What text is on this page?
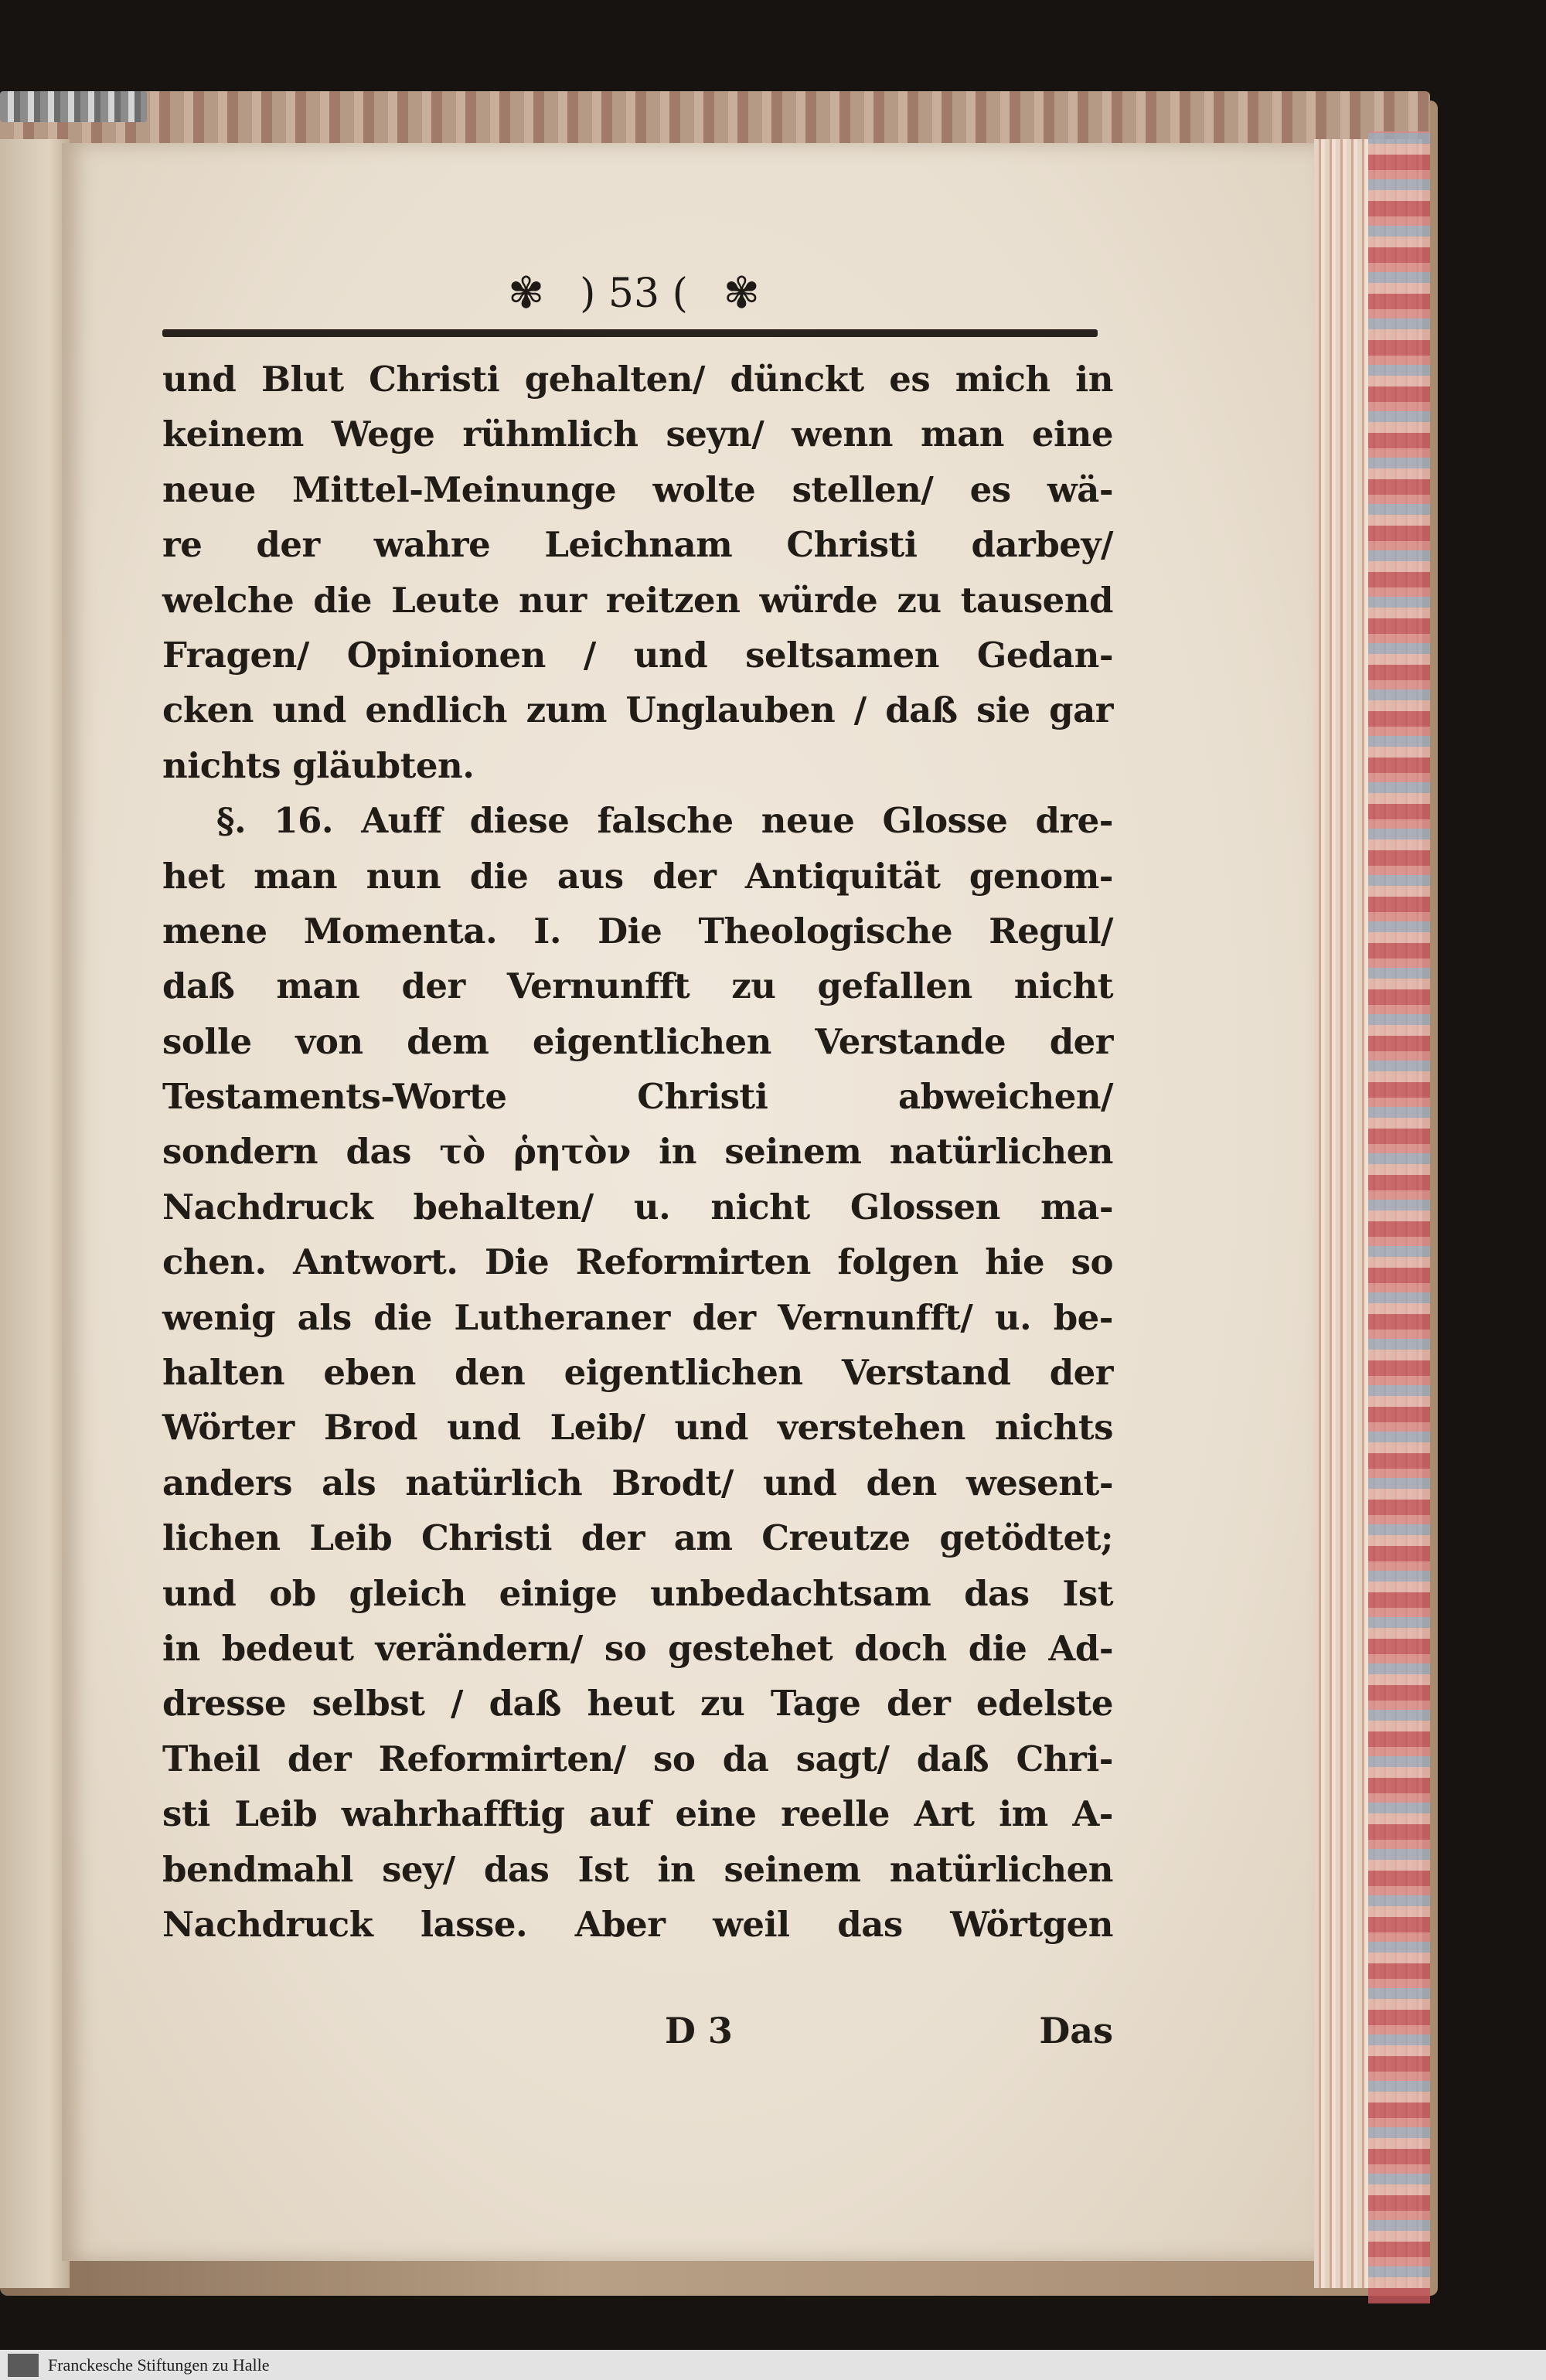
✾ ) 53 ( ✾
und Blut Christi gehalten/ dünckt es mich in
keinem Wege rühmlich seyn/ wenn man eine
neue Mittel-Meinunge wolte stellen/ es wä-
re der wahre Leichnam Christi darbey/
welche die Leute nur reitzen würde zu tausend
Fragen/ Opinionen / und seltsamen Gedan-
cken und endlich zum Unglauben / daß sie gar
nichts gläubten.
§. 16. Auff diese falsche neue Glosse dre-
het man nun die aus der Antiquität genom-
mene Momenta. I. Die Theologische Regul/
daß man der Vernunfft zu gefallen nicht
solle von dem eigentlichen Verstande der
Testaments-Worte Christi abweichen/
sondern das τὸ ῥητὸν in seinem natürlichen
Nachdruck behalten/ u. nicht Glossen ma-
chen. Antwort. Die Reformirten folgen hie so
wenig als die Lutheraner der Vernunfft/ u. be-
halten eben den eigentlichen Verstand der
Wörter Brod und Leib/ und verstehen nichts
anders als natürlich Brodt/ und den wesent-
lichen Leib Christi der am Creutze getödtet;
und ob gleich einige unbedachtsam das Ist
in bedeut verändern/ so gestehet doch die Ad-
dresse selbst / daß heut zu Tage der edelste
Theil der Reformirten/ so da sagt/ daß Chri-
sti Leib wahrhafftig auf eine reelle Art im A-
bendmahl sey/ das Ist in seinem natürlichen
Nachdruck lasse. Aber weil das Wörtgen
D 3	Das
Franckesche Stiftungen zu Halle
